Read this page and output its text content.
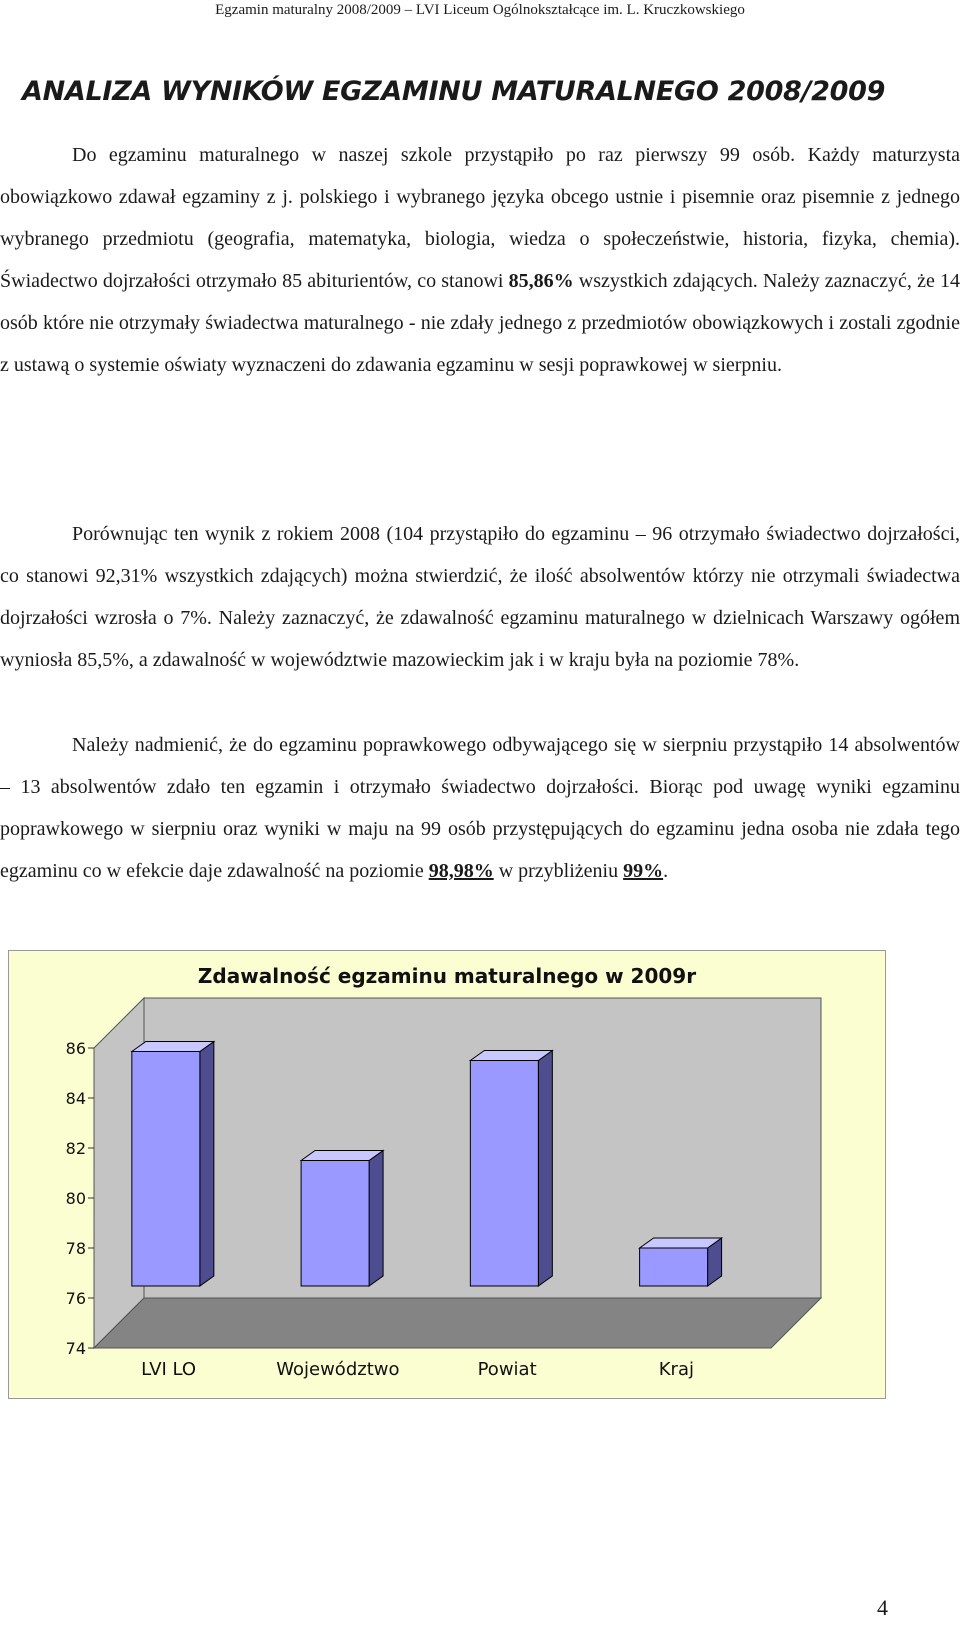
Egzamin maturalny 2008/2009 – LVI Liceum Ogólnokształcące im. L. Kruczkowskiego
ANALIZA WYNIKÓW EGZAMINU MATURALNEGO 2008/2009

Do egzaminu maturalnego w naszej szkole przystąpiło po raz pierwszy 99 osób. Każdy maturzysta obowiązkowo zdawał egzaminy z j. polskiego i wybranego języka obcego ustnie i pisemnie oraz pisemnie z jednego wybranego przedmiotu (geografia, matematyka, biologia, wiedza o społeczeństwie, historia, fizyka, chemia). Świadectwo dojrzałości otrzymało 85 abiturientów, co stanowi 85,86% wszystkich zdających. Należy zaznaczyć, że 14 osób które nie otrzymały świadectwa maturalnego - nie zdały jednego z przedmiotów obowiązkowych i zostali zgodnie z ustawą o systemie oświaty wyznaczeni do zdawania egzaminu w sesji poprawkowej w sierpniu.

Porównując ten wynik z rokiem 2008 (104 przystąpiło do egzaminu – 96 otrzymało świadectwo dojrzałości, co stanowi 92,31% wszystkich zdających) można stwierdzić, że ilość absolwentów którzy nie otrzymali świadectwa dojrzałości wzrosła o 7%. Należy zaznaczyć, że zdawalność egzaminu maturalnego w dzielnicach Warszawy ogółem wyniosła 85,5%, a zdawalność w województwie mazowieckim jak i w kraju była na poziomie 78%.

Należy nadmienić, że do egzaminu poprawkowego odbywającego się w sierpniu przystąpiło 14 absolwentów – 13 absolwentów zdało ten egzamin i otrzymało świadectwo dojrzałości. Biorąc pod uwagę wyniki egzaminu poprawkowego w sierpniu oraz wyniki w maju na 99 osób przystępujących do egzaminu jedna osoba nie zdała tego egzaminu co w efekcie daje zdawalność na poziomie 98,98% w przybliżeniu 99%.

Zdawalność egzaminu maturalnego w 2009r
74
76
78
80
82
84
86
LVI LO	Województwo	Powiat	Kraj
4
